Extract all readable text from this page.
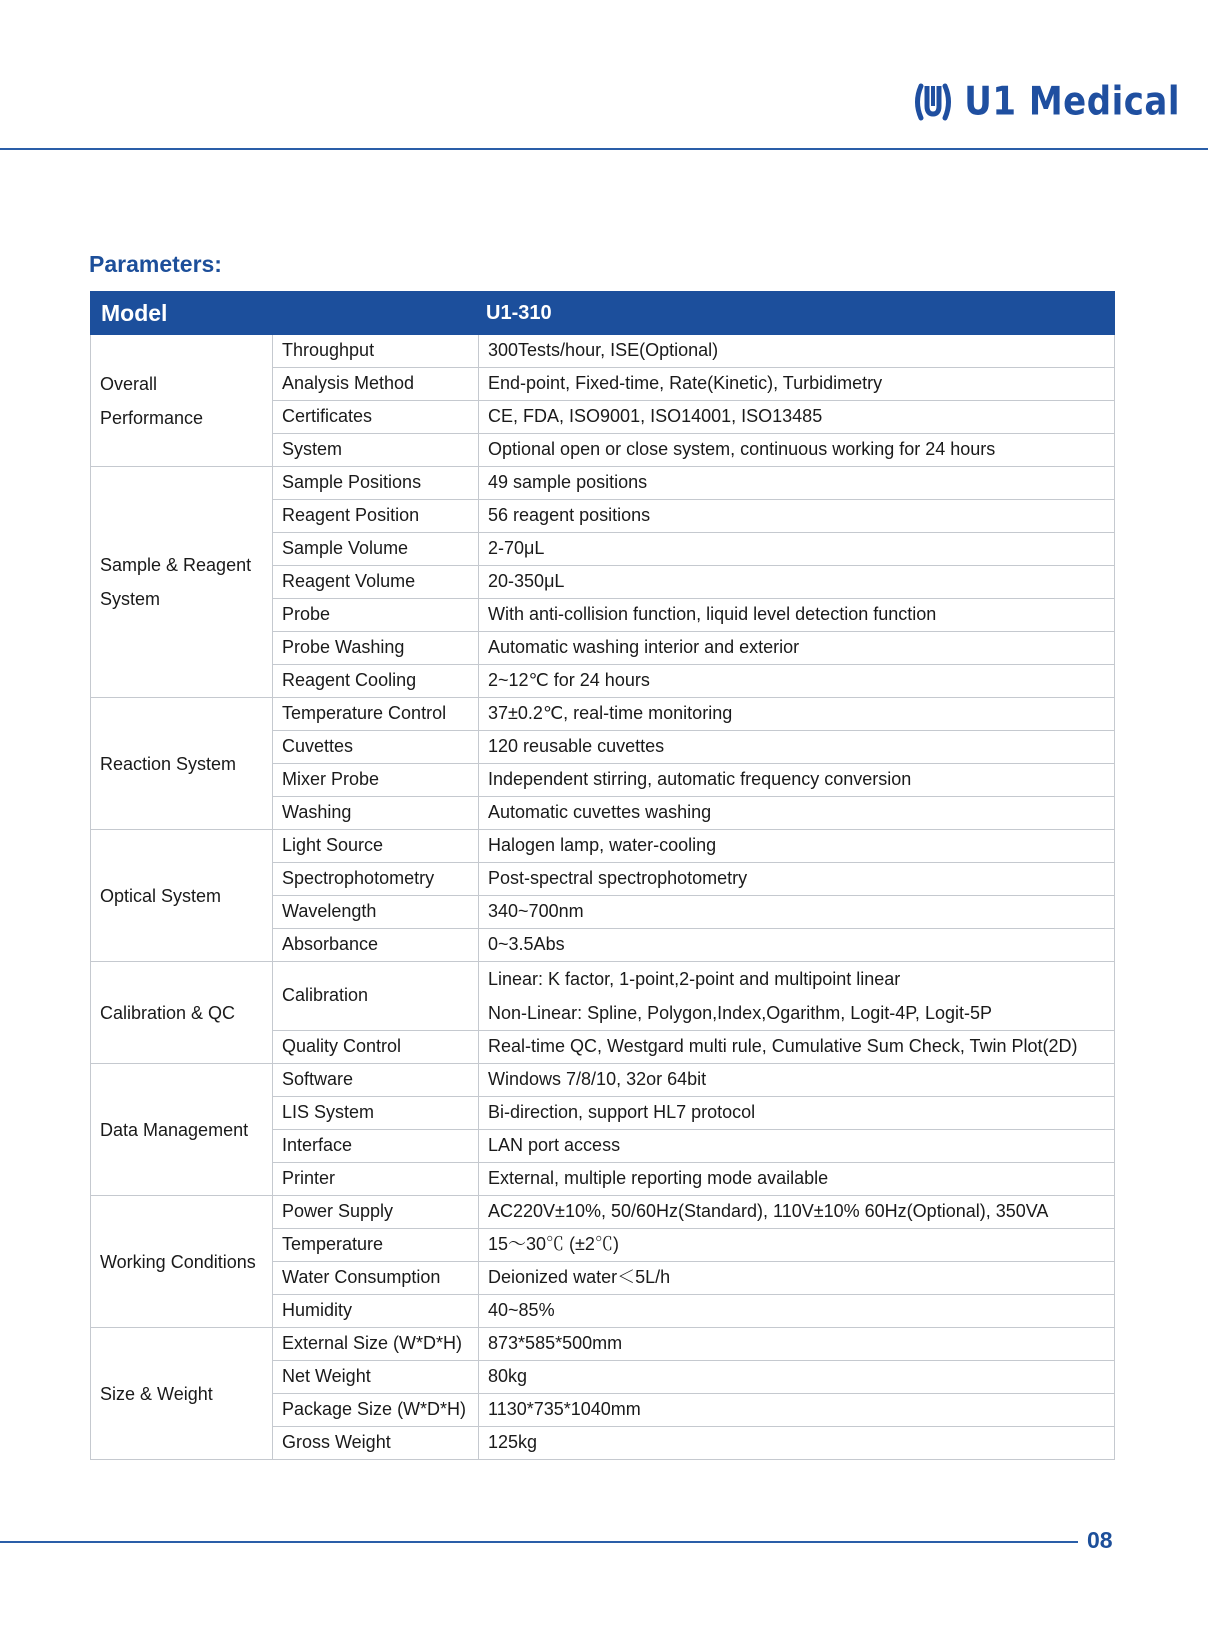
U1 Medical
Parameters:
Model		U1-310
Overall Performance	Throughput	300Tests/hour, ISE(Optional)
	Analysis Method	End-point, Fixed-time, Rate(Kinetic), Turbidimetry
	Certificates	CE, FDA, ISO9001, ISO14001, ISO13485
	System	Optional open or close system, continuous working for 24 hours
Sample & Reagent System	Sample Positions	49 sample positions
	Reagent Position	56 reagent positions
	Sample Volume	2-70μL
	Reagent Volume	20-350μL
	Probe	With anti-collision function, liquid level detection function
	Probe Washing	Automatic washing interior and exterior
	Reagent Cooling	2~12℃ for 24 hours
Reaction System	Temperature Control	37±0.2℃, real-time monitoring
	Cuvettes	120 reusable cuvettes
	Mixer Probe	Independent stirring, automatic frequency conversion
	Washing	Automatic cuvettes washing
Optical System	Light Source	Halogen lamp, water-cooling
	Spectrophotometry	Post-spectral spectrophotometry
	Wavelength	340~700nm
	Absorbance	0~3.5Abs
Calibration & QC	Calibration	Linear: K factor, 1-point,2-point and multipoint linear
Non-Linear: Spline, Polygon,Index,Ogarithm, Logit-4P, Logit-5P

	Quality Control	Real-time QC, Westgard multi rule, Cumulative Sum Check, Twin Plot(2D)
Data Management	Software	Windows 7/8/10, 32or 64bit
	LIS System	Bi-direction, support HL7 protocol
	Interface	LAN port access
	Printer	External, multiple reporting mode available
Working Conditions	Power Supply	AC220V±10%, 50/60Hz(Standard), 110V±10% 60Hz(Optional), 350VA
	Temperature	15～30℃ (±2℃)
	Water Consumption	Deionized water＜5L/h
	Humidity	40~85%
Size & Weight	External Size (W*D*H)	873*585*500mm
	Net Weight	80kg
	Package Size (W*D*H)	1130*735*1040mm
	Gross Weight	125kg
08
